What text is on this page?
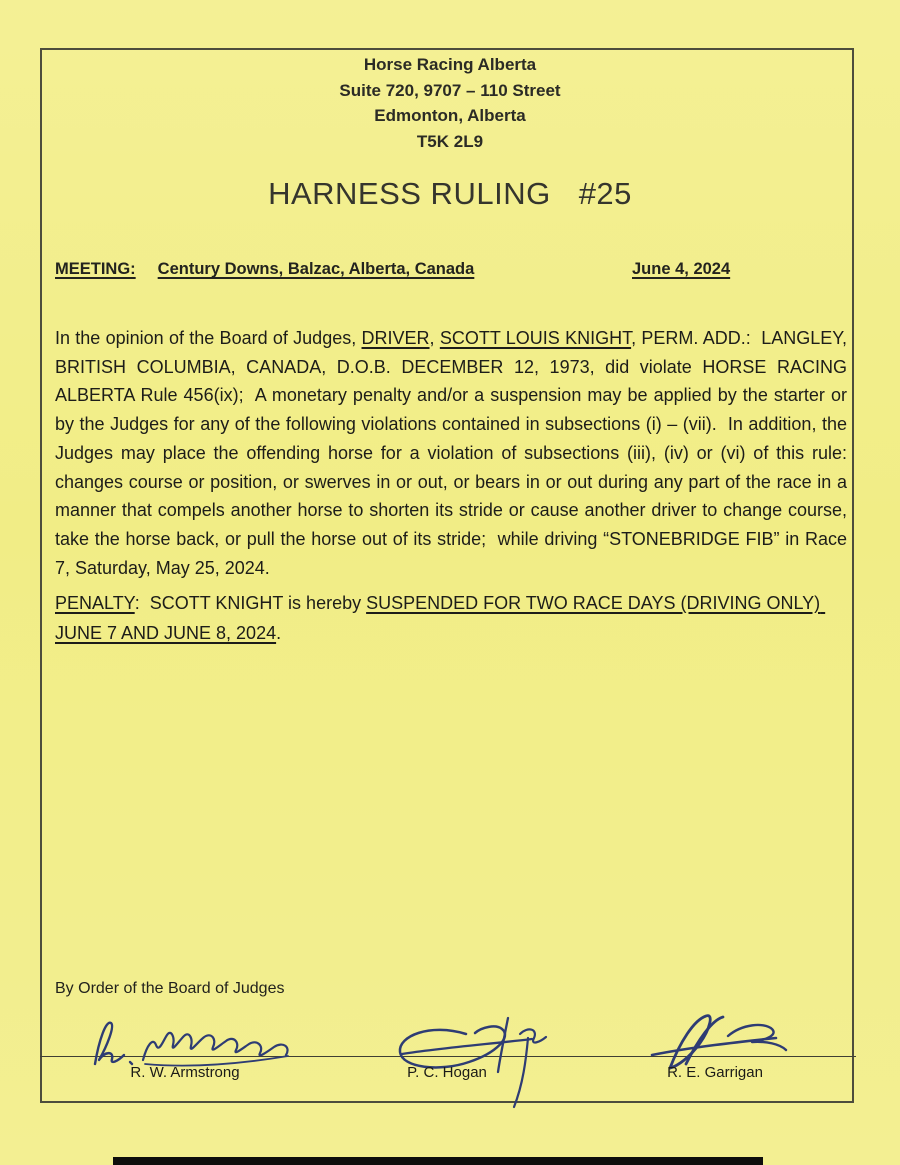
Horse Racing Alberta
Suite 720, 9707 – 110 Street
Edmonton, Alberta
T5K 2L9
HARNESS RULING #25
MEETING: Century Downs, Balzac, Alberta, Canada	June 4, 2024

In the opinion of the Board of Judges, DRIVER, SCOTT LOUIS KNIGHT, PERM. ADD.:  LANGLEY, BRITISH COLUMBIA, CANADA, D.O.B. DECEMBER 12, 1973, did violate HORSE RACING ALBERTA Rule 456(ix);  A monetary penalty and/or a suspension may be applied by the starter or by the Judges for any of the following violations contained in subsections (i) – (vii).  In addition, the Judges may place the offending horse for a violation of subsections (iii), (iv) or (vi) of this rule: changes course or position, or swerves in or out, or bears in or out during any part of the race in a manner that compels another horse to shorten its stride or cause another driver to change course, take the horse back, or pull the horse out of its stride;  while driving “STONEBRIDGE FIB” in Race 7, Saturday, May 25, 2024.

PENALTY:  SCOTT KNIGHT is hereby SUSPENDED FOR TWO RACE DAYS (DRIVING ONLY) JUNE 7 AND JUNE 8, 2024.

By Order of the Board of Judges
R. W. Armstrong	P. C. Hogan	R. E. Garrigan
